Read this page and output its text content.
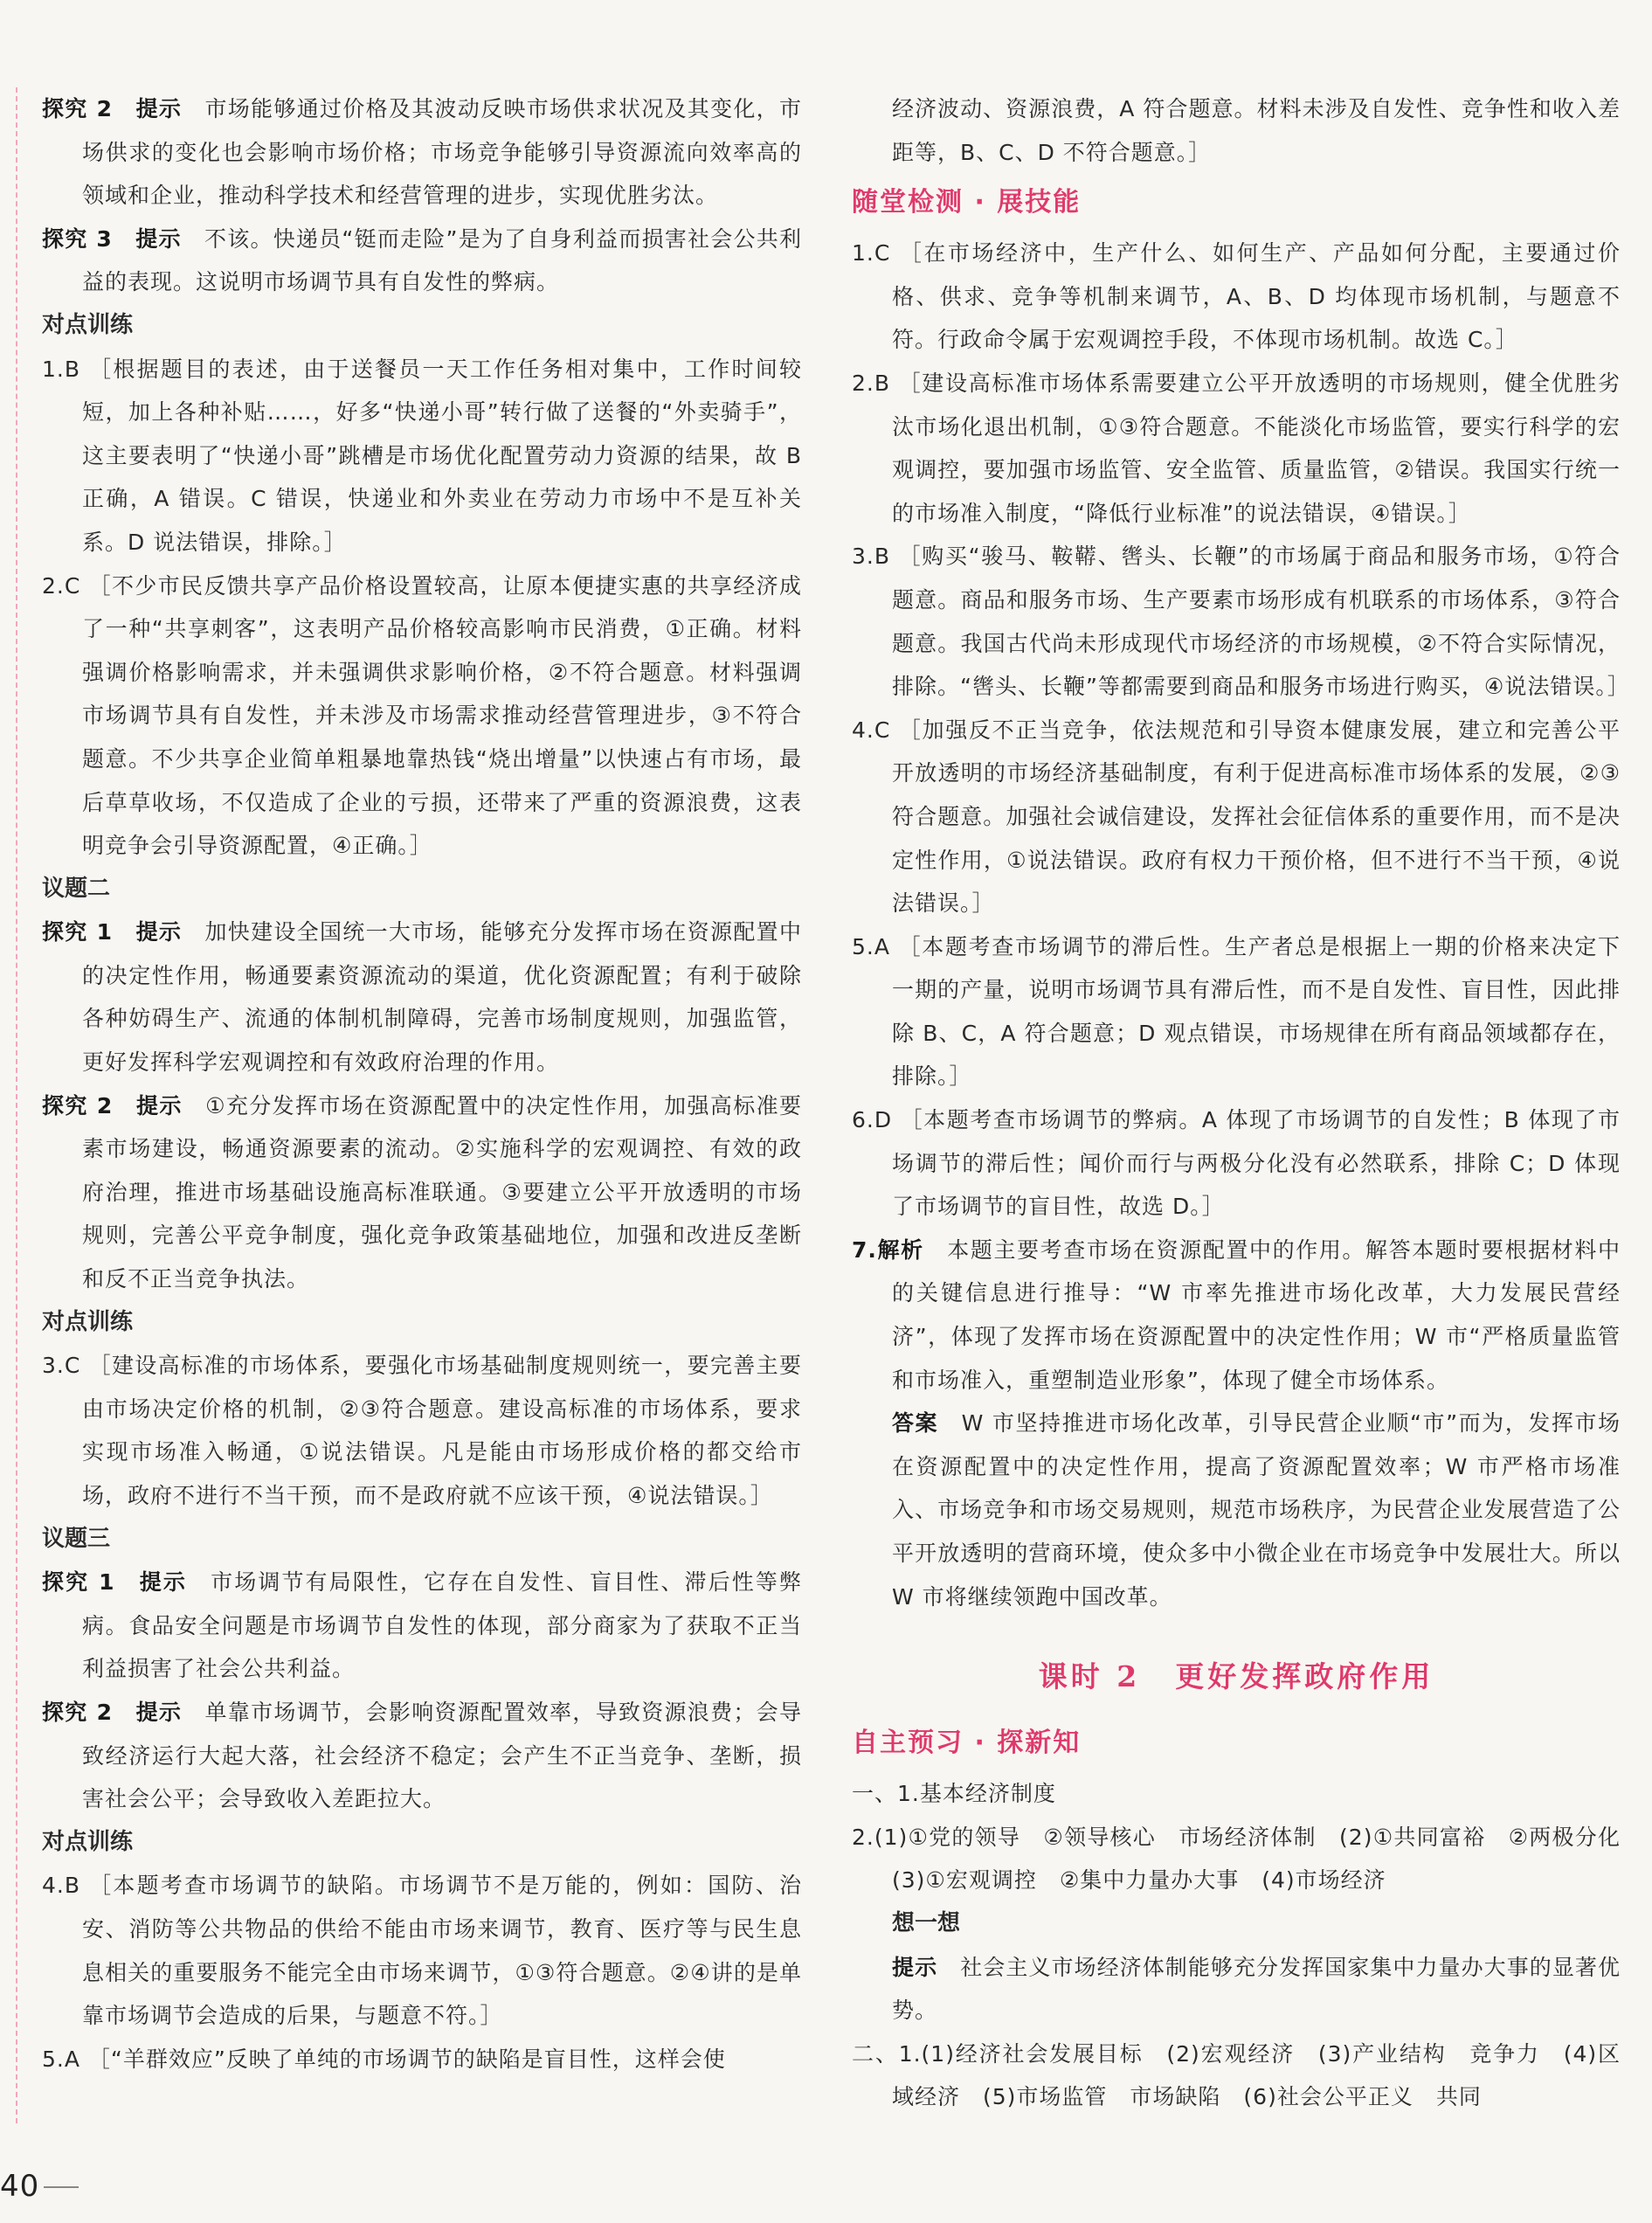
探究 2　提示　市场能够通过价格及其波动反映市场供求状况及其变化，市场供求的变化也会影响市场价格；市场竞争能够引导资源流向效率高的领域和企业，推动科学技术和经营管理的进步，实现优胜劣汰。

探究 3　提示　不该。快递员“铤而走险”是为了自身利益而损害社会公共利益的表现。这说明市场调节具有自发性的弊病。

对点训练

1.B ［根据题目的表述，由于送餐员一天工作任务相对集中，工作时间较短，加上各种补贴……，好多“快递小哥”转行做了送餐的“外卖骑手”，这主要表明了“快递小哥”跳槽是市场优化配置劳动力资源的结果，故 B 正确，A 错误。C 错误，快递业和外卖业在劳动力市场中不是互补关系。D 说法错误，排除。］

2.C ［不少市民反馈共享产品价格设置较高，让原本便捷实惠的共享经济成了一种“共享刺客”，这表明产品价格较高影响市民消费，①正确。材料强调价格影响需求，并未强调供求影响价格，②不符合题意。材料强调市场调节具有自发性，并未涉及市场需求推动经营管理进步，③不符合题意。不少共享企业简单粗暴地靠热钱“烧出增量”以快速占有市场，最后草草收场，不仅造成了企业的亏损，还带来了严重的资源浪费，这表明竞争会引导资源配置，④正确。］

议题二

探究 1　提示　加快建设全国统一大市场，能够充分发挥市场在资源配置中的决定性作用，畅通要素资源流动的渠道，优化资源配置；有利于破除各种妨碍生产、流通的体制机制障碍，完善市场制度规则，加强监管，更好发挥科学宏观调控和有效政府治理的作用。

探究 2　提示　①充分发挥市场在资源配置中的决定性作用，加强高标准要素市场建设，畅通资源要素的流动。②实施科学的宏观调控、有效的政府治理，推进市场基础设施高标准联通。③要建立公平开放透明的市场规则，完善公平竞争制度，强化竞争政策基础地位，加强和改进反垄断和反不正当竞争执法。

对点训练

3.C ［建设高标准的市场体系，要强化市场基础制度规则统一，要完善主要由市场决定价格的机制，②③符合题意。建设高标准的市场体系，要求实现市场准入畅通，①说法错误。凡是能由市场形成价格的都交给市场，政府不进行不当干预，而不是政府就不应该干预，④说法错误。］

议题三

探究 1　提示　市场调节有局限性，它存在自发性、盲目性、滞后性等弊病。食品安全问题是市场调节自发性的体现，部分商家为了获取不正当利益损害了社会公共利益。

探究 2　提示　单靠市场调节，会影响资源配置效率，导致资源浪费；会导致经济运行大起大落，社会经济不稳定；会产生不正当竞争、垄断，损害社会公平；会导致收入差距拉大。

对点训练

4.B ［本题考查市场调节的缺陷。市场调节不是万能的，例如：国防、治安、消防等公共物品的供给不能由市场来调节，教育、医疗等与民生息息相关的重要服务不能完全由市场来调节，①③符合题意。②④讲的是单靠市场调节会造成的后果，与题意不符。］

5.A ［“羊群效应”反映了单纯的市场调节的缺陷是盲目性，这样会使

经济波动、资源浪费，A 符合题意。材料未涉及自发性、竞争性和收入差距等，B、C、D 不符合题意。］

随堂检测 · 展技能

1.C ［在市场经济中，生产什么、如何生产、产品如何分配，主要通过价格、供求、竞争等机制来调节，A、B、D 均体现市场机制，与题意不符。行政命令属于宏观调控手段，不体现市场机制。故选 C。］

2.B ［建设高标准市场体系需要建立公平开放透明的市场规则，健全优胜劣汰市场化退出机制，①③符合题意。不能淡化市场监管，要实行科学的宏观调控，要加强市场监管、安全监管、质量监管，②错误。我国实行统一的市场准入制度，“降低行业标准”的说法错误，④错误。］

3.B ［购买“骏马、鞍鞯、辔头、长鞭”的市场属于商品和服务市场，①符合题意。商品和服务市场、生产要素市场形成有机联系的市场体系，③符合题意。我国古代尚未形成现代市场经济的市场规模，②不符合实际情况，排除。“辔头、长鞭”等都需要到商品和服务市场进行购买，④说法错误。］

4.C ［加强反不正当竞争，依法规范和引导资本健康发展，建立和完善公平开放透明的市场经济基础制度，有利于促进高标准市场体系的发展，②③符合题意。加强社会诚信建设，发挥社会征信体系的重要作用，而不是决定性作用，①说法错误。政府有权力干预价格，但不进行不当干预，④说法错误。］

5.A ［本题考查市场调节的滞后性。生产者总是根据上一期的价格来决定下一期的产量，说明市场调节具有滞后性，而不是自发性、盲目性，因此排除 B、C，A 符合题意；D 观点错误，市场规律在所有商品领域都存在，排除。］

6.D ［本题考查市场调节的弊病。A 体现了市场调节的自发性；B 体现了市场调节的滞后性；闻价而行与两极分化没有必然联系，排除 C；D 体现了市场调节的盲目性，故选 D。］

7.解析　本题主要考查市场在资源配置中的作用。解答本题时要根据材料中的关键信息进行推导：“W 市率先推进市场化改革，大力发展民营经济”，体现了发挥市场在资源配置中的决定性作用；W 市“严格质量监管和市场准入，重塑制造业形象”，体现了健全市场体系。

答案　W 市坚持推进市场化改革，引导民营企业顺“市”而为，发挥市场在资源配置中的决定性作用，提高了资源配置效率；W 市严格市场准入、市场竞争和市场交易规则，规范市场秩序，为民营企业发展营造了公平开放透明的营商环境，使众多中小微企业在市场竞争中发展壮大。所以 W 市将继续领跑中国改革。

课时 2 更好发挥政府作用

自主预习 · 探新知

一、1.基本经济制度

2.(1)①党的领导　②领导核心　市场经济体制　(2)①共同富裕　②两极分化　(3)①宏观调控　②集中力量办大事　(4)市场经济

想一想

提示　社会主义市场经济体制能够充分发挥国家集中力量办大事的显著优势。

二、1.(1)经济社会发展目标　(2)宏观经济　(3)产业结构　竞争力　(4)区域经济　(5)市场监管　市场缺陷　(6)社会公平正义　共同

40
